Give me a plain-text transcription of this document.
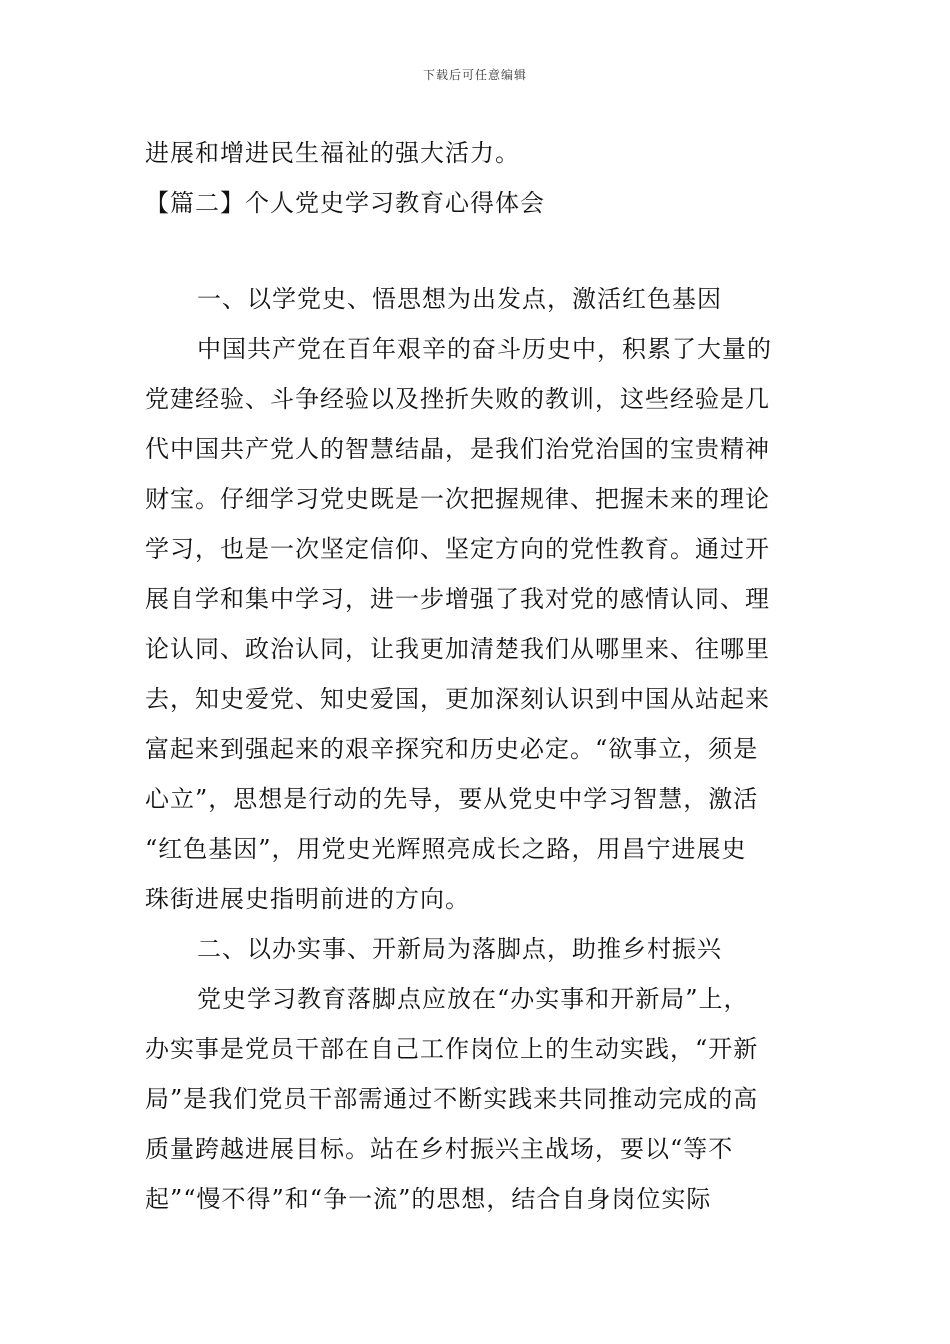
下载后可任意编辑
进展和增进民生福祉的强大活力。
【篇二】个人党史学习教育心得体会
一、以学党史、悟思想为出发点，激活红色基因
中国共产党在百年艰辛的奋斗历史中，积累了大量的
党建经验、斗争经验以及挫折失败的教训，这些经验是几
代中国共产党人的智慧结晶，是我们治党治国的宝贵精神
财宝。仔细学习党史既是一次把握规律、把握未来的理论
学习，也是一次坚定信仰、坚定方向的党性教育。通过开
展自学和集中学习，进一步增强了我对党的感情认同、理
论认同、政治认同，让我更加清楚我们从哪里来、往哪里
去，知史爱党、知史爱国，更加深刻认识到中国从站起来
富起来到强起来的艰辛探究和历史必定。“欲事立，须是
心立”，思想是行动的先导，要从党史中学习智慧，激活
“红色基因”，用党史光辉照亮成长之路，用昌宁进展史
珠街进展史指明前进的方向。
二、以办实事、开新局为落脚点，助推乡村振兴
党史学习教育落脚点应放在“办实事和开新局”上，
办实事是党员干部在自己工作岗位上的生动实践，“开新
局”是我们党员干部需通过不断实践来共同推动完成的高
质量跨越进展目标。站在乡村振兴主战场，要以“等不
起”“慢不得”和“争一流”的思想，结合自身岗位实际
